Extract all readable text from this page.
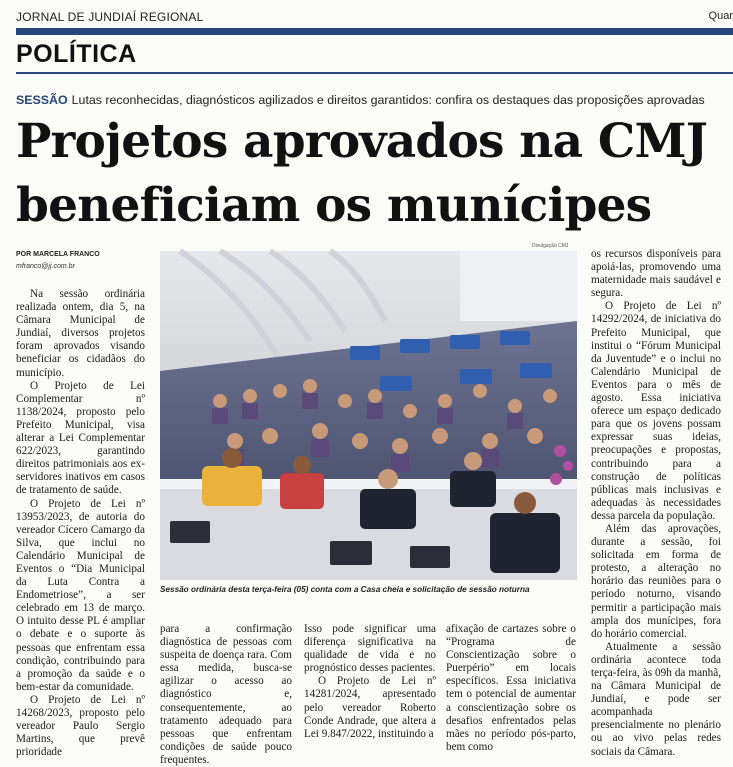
JORNAL DE JUNDIAÍ REGIONAL	Quar
POLÍTICA
SESSÃO Lutas reconhecidas, diagnósticos agilizados e direitos garantidos: confira os destaques das proposições aprovadas
Projetos aprovados na CMJ
beneficiam os munícipes
POR MARCELA FRANCO
mfranco@jj.com.br

Na sessão ordinária realizada ontem, dia 5, na Câmara Municipal de Jundiaí, diversos projetos foram aprovados visando beneficiar os cidadãos do município.

O Projeto de Lei Complementar nº 1138/2024, proposto pelo Prefeito Municipal, visa alterar a Lei Complementar 622/2023, garantindo direitos patrimoniais aos ex-servidores inativos em casos de tratamento de saúde.

O Projeto de Lei nº 13953/2023, de autoria do vereador Cícero Camargo da Silva, que inclui no Calendário Municipal de Eventos o “Dia Municipal da Luta Contra a Endometriose”, a ser celebrado em 13 de março. O intuito desse PL é ampliar o debate e o suporte às pessoas que enfrentam essa condição, contribuindo para a promoção da saúde e o bem-estar da comunidade.

O Projeto de Lei nº 14268/2023, proposto pelo vereador Paulo Sergio Martins, que prevê prioridade

Divulgação CMJ
Sessão ordinária desta terça-feira (05) conta com a Casa cheia e solicitação de sessão noturna

para a confirmação diagnóstica de pessoas com suspeita de doença rara. Com essa medida, busca-se agilizar o acesso ao diagnóstico e, consequentemente, ao tratamento adequado para pessoas que enfrentam condições de saúde pouco frequentes.

Isso pode significar uma diferença significativa na qualidade de vida e no prognóstico desses pacientes.

O Projeto de Lei nº 14281/2024, apresentado pelo vereador Roberto Conde Andrade, que altera a Lei 9.847/2022, instituindo a

afixação de cartazes sobre o “Programa de Conscientização sobre o Puerpério” em locais específicos. Essa iniciativa tem o potencial de aumentar a conscientização sobre os desafios enfrentados pelas mães no período pós-parto, bem como

os recursos disponíveis para apoiá-las, promovendo uma maternidade mais saudável e segura.

O Projeto de Lei nº 14292/2024, de iniciativa do Prefeito Municipal, que institui o “Fórum Municipal da Juventude” e o inclui no Calendário Municipal de Eventos para o mês de agosto. Essa iniciativa oferece um espaço dedicado para que os jovens possam expressar suas ideias, preocupações e propostas, contribuindo para a construção de políticas públicas mais inclusivas e adequadas às necessidades dessa parcela da população.

Além das aprovações, durante a sessão, foi solicitada em forma de protesto, a alteração no horário das reuniões para o período noturno, visando permitir a participação mais ampla dos munícipes, fora do horário comercial.

Atualmente a sessão ordinária acontece toda terça-feira, às 09h da manhã, na Câmara Municipal de Jundiaí, e pode ser acompanhada presencialmente no plenário ou ao vivo pelas redes sociais da Câmara.
